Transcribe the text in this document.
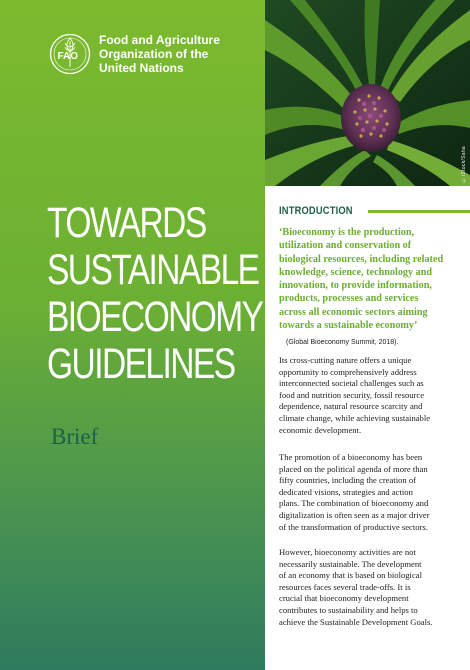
FAO
Food and Agriculture
Organization of the
United Nations
TOWARDS
SUSTAINABLE
BIOECONOMY
GUIDELINES
Brief
©iStock/Saha
INTRODUCTION
‘Bioeconomy is the production,
utilization and conservation of
biological resources, including related
knowledge, science, technology and
innovation, to provide information,
products, processes and services
across all economic sectors aiming
towards a sustainable economy’
(Global Bioeconomy Summit, 2018).
Its cross-cutting nature offers a unique
opportunity to comprehensively address
interconnected societal challenges such as
food and nutrition security, fossil resource
dependence, natural resource scarcity and
climate change, while achieving sustainable
economic development.
The promotion of a bioeconomy has been
placed on the political agenda of more than
fifty countries, including the creation of
dedicated visions, strategies and action
plans. The combination of bioeconomy and
digitalization is often seen as a major driver
of the transformation of productive sectors.
However, bioeconomy activities are not
necessarily sustainable. The development
of an economy that is based on biological
resources faces several trade-offs. It is
crucial that bioeconomy development
contributes to sustainability and helps to
achieve the Sustainable Development Goals.
